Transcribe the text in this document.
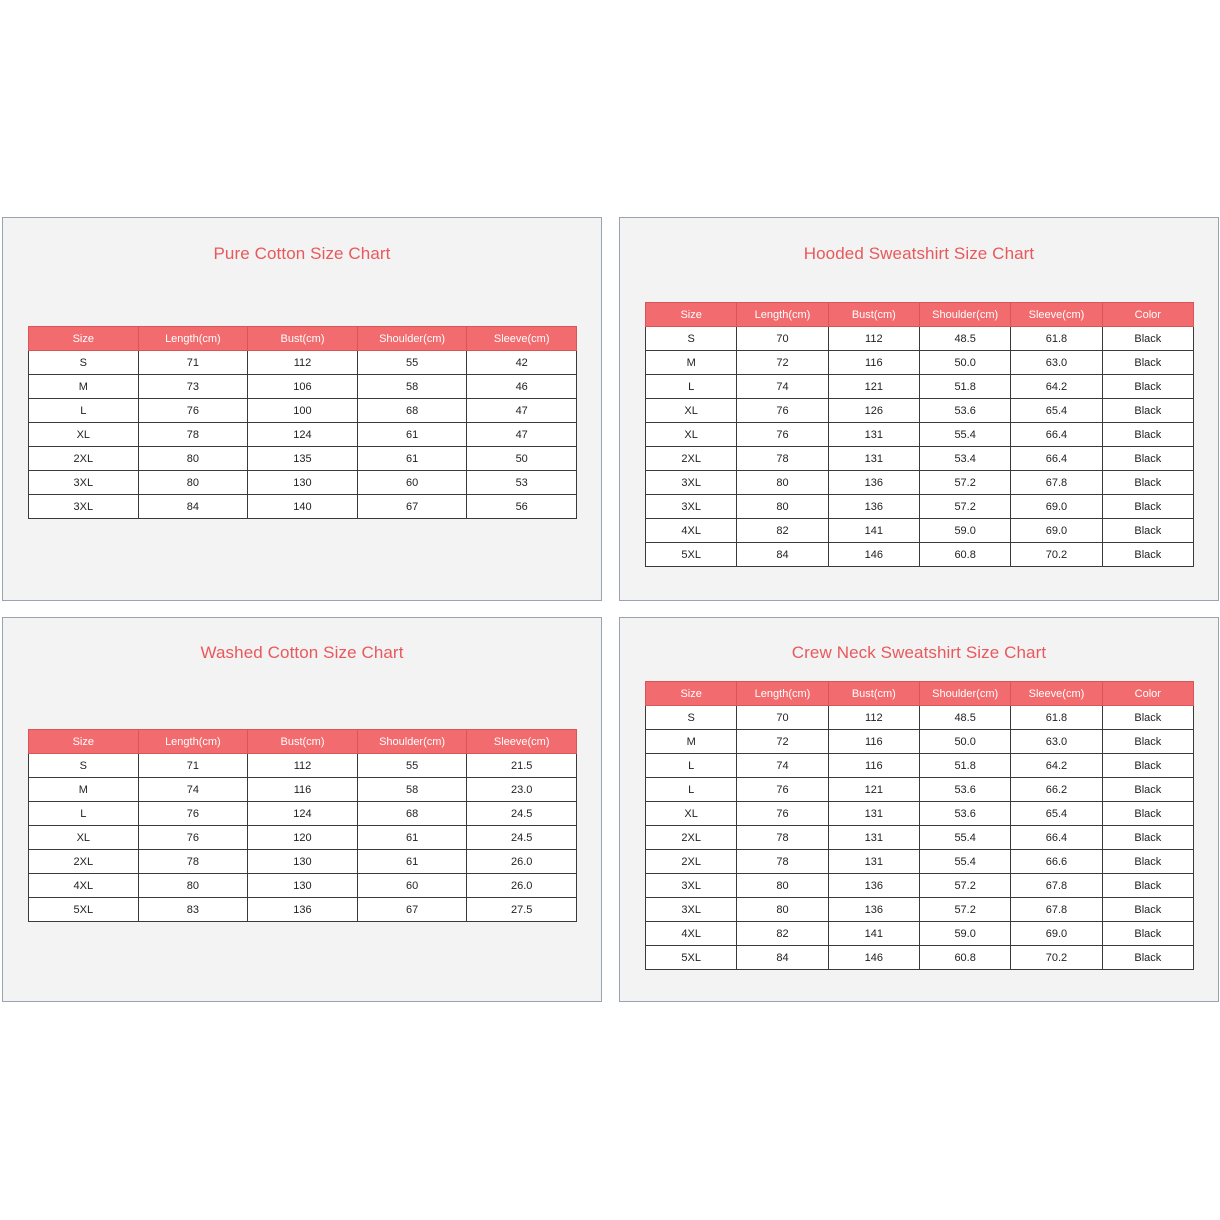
Pure Cotton Size Chart
Size	Length(cm)	Bust(cm)	Shoulder(cm)	Sleeve(cm)
S	71	112	55	42
M	73	106	58	46
L	76	100	68	47
XL	78	124	61	47
2XL	80	135	61	50
3XL	80	130	60	53
3XL	84	140	67	56
Hooded Sweatshirt Size Chart
Size	Length(cm)	Bust(cm)	Shoulder(cm)	Sleeve(cm)	Color
S	70	112	48.5	61.8	Black
M	72	116	50.0	63.0	Black
L	74	121	51.8	64.2	Black
XL	76	126	53.6	65.4	Black
XL	76	131	55.4	66.4	Black
2XL	78	131	53.4	66.4	Black
3XL	80	136	57.2	67.8	Black
3XL	80	136	57.2	69.0	Black
4XL	82	141	59.0	69.0	Black
5XL	84	146	60.8	70.2	Black
Washed Cotton Size Chart
Size	Length(cm)	Bust(cm)	Shoulder(cm)	Sleeve(cm)
S	71	112	55	21.5
M	74	116	58	23.0
L	76	124	68	24.5
XL	76	120	61	24.5
2XL	78	130	61	26.0
4XL	80	130	60	26.0
5XL	83	136	67	27.5
Crew Neck Sweatshirt Size Chart
Size	Length(cm)	Bust(cm)	Shoulder(cm)	Sleeve(cm)	Color
S	70	112	48.5	61.8	Black
M	72	116	50.0	63.0	Black
L	74	116	51.8	64.2	Black
L	76	121	53.6	66.2	Black
XL	76	131	53.6	65.4	Black
2XL	78	131	55.4	66.4	Black
2XL	78	131	55.4	66.6	Black
3XL	80	136	57.2	67.8	Black
3XL	80	136	57.2	67.8	Black
4XL	82	141	59.0	69.0	Black
5XL	84	146	60.8	70.2	Black
